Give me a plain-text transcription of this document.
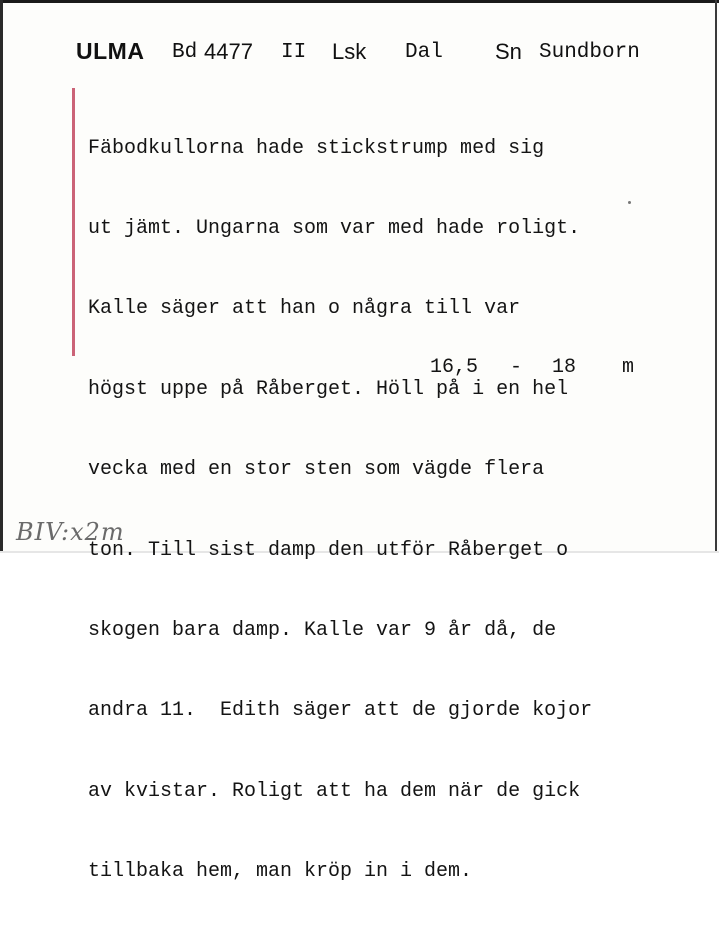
ULMA Bd 4477 II Lsk Dal Sn Sundborn

Fäbodkullorna hade stickstrump med sig

ut jämt. Ungarna som var med hade roligt.

Kalle säger att han o några till var

högst uppe på Råberget. Höll på i en hel

vecka med en stor sten som vägde flera

ton. Till sist damp den utför Råberget o

skogen bara damp. Kalle var 9 år då, de

andra 11.  Edith säger att de gjorde kojor

av kvistar. Roligt att ha dem när de gick

tillbaka hem, man kröp in i dem.

16,5 - 18 m
BIV:x2m
